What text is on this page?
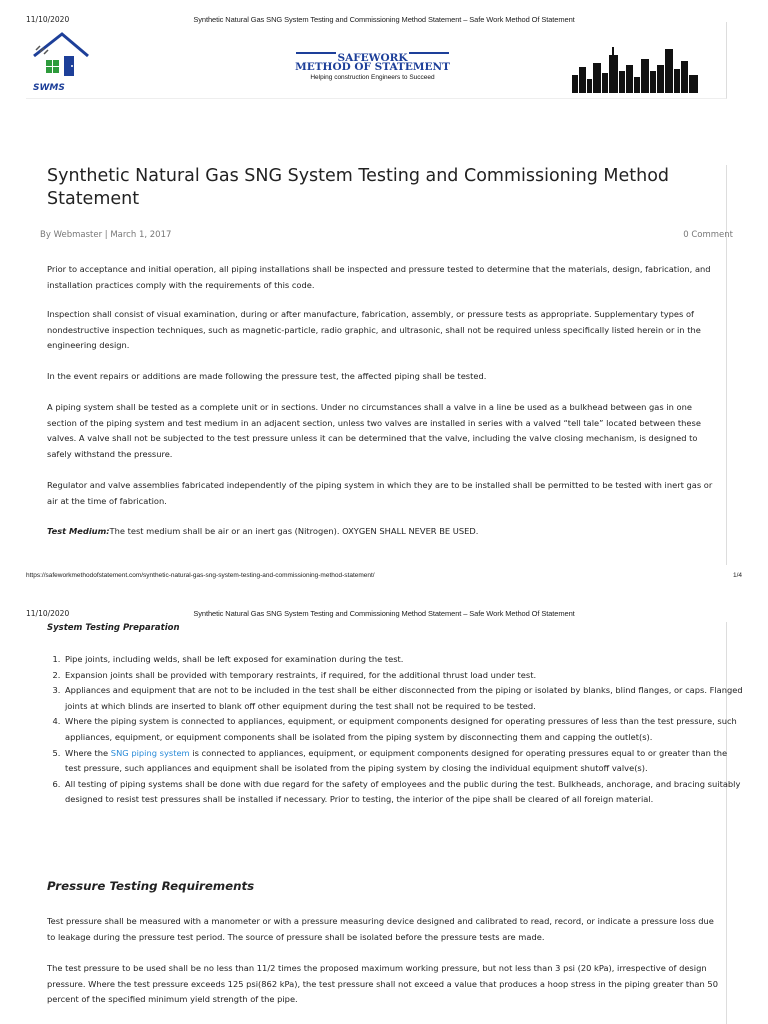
11/10/2020	Synthetic Natural Gas SNG System Testing and Commissioning Method Statement – Safe Work Method Of Statement
SWMS
SAFEWORK
METHOD OF STATEMENT
Helping construction Engineers to Succeed
Synthetic Natural Gas SNG System Testing and Commissioning Method Statement
By Webmaster | March 1, 2017	0 Comment

Prior to acceptance and initial operation, all piping installations shall be inspected and pressure tested to determine that the materials, design, fabrication, and installation practices comply with the requirements of this code.

Inspection shall consist of visual examination, during or after manufacture, fabrication, assembly, or pressure tests as appropriate. Supplementary types of nondestructive inspection techniques, such as magnetic-particle, radio graphic, and ultrasonic, shall not be required unless specifically listed herein or in the engineering design.

In the event repairs or additions are made following the pressure test, the affected piping shall be tested.

A piping system shall be tested as a complete unit or in sections. Under no circumstances shall a valve in a line be used as a bulkhead between gas in one section of the piping system and test medium in an adjacent section, unless two valves are installed in series with a valved “tell tale” located between these valves. A valve shall not be subjected to the test pressure unless it can be determined that the valve, including the valve closing mechanism, is designed to safely withstand the pressure.

Regulator and valve assemblies fabricated independently of the piping system in which they are to be installed shall be permitted to be tested with inert gas or air at the time of fabrication.

Test Medium:The test medium shall be air or an inert gas (Nitrogen). OXYGEN SHALL NEVER BE USED.

https://safeworkmethodofstatement.com/synthetic-natural-gas-sng-system-testing-and-commissioning-method-statement/	1/4
11/10/2020	Synthetic Natural Gas SNG System Testing and Commissioning Method Statement – Safe Work Method Of Statement
System Testing Preparation
1. Pipe joints, including welds, shall be left exposed for examination during the test.
2. Expansion joints shall be provided with temporary restraints, if required, for the additional thrust load under test.
3. Appliances and equipment that are not to be included in the test shall be either disconnected from the piping or isolated by blanks, blind flanges, or caps. Flanged joints at which blinds are inserted to blank off other equipment during the test shall not be required to be tested.
4. Where the piping system is connected to appliances, equipment, or equipment components designed for operating pressures of less than the test pressure, such appliances, equipment, or equipment components shall be isolated from the piping system by disconnecting them and capping the outlet(s).
5. Where the SNG piping system is connected to appliances, equipment, or equipment components designed for operating pressures equal to or greater than the test pressure, such appliances and equipment shall be isolated from the piping system by closing the individual equipment shutoff valve(s).
6. All testing of piping systems shall be done with due regard for the safety of employees and the public during the test. Bulkheads, anchorage, and bracing suitably designed to resist test pressures shall be installed if necessary. Prior to testing, the interior of the pipe shall be cleared of all foreign material.
Pressure Testing Requirements

Test pressure shall be measured with a manometer or with a pressure measuring device designed and calibrated to read, record, or indicate a pressure loss due to leakage during the pressure test period. The source of pressure shall be isolated before the pressure tests are made.

The test pressure to be used shall be no less than 11/2 times the proposed maximum working pressure, but not less than 3 psi (20 kPa), irrespective of design pressure. Where the test pressure exceeds 125 psi(862 kPa), the test pressure shall not exceed a value that produces a hoop stress in the piping greater than 50 percent of the specified minimum yield strength of the pipe.
